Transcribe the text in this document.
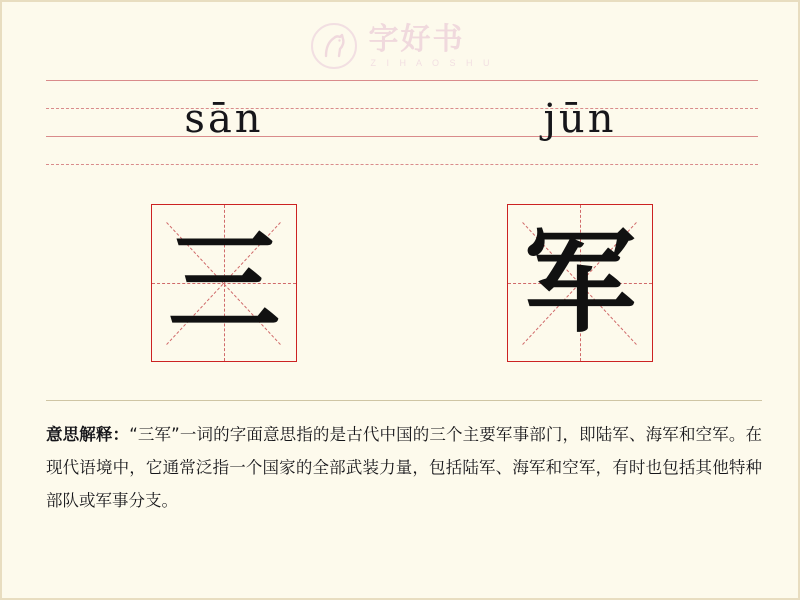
字好书
Z I H A O S H U
sān	jūn
三 军

意思解释：“三军”一词的字面意思指的是古代中国的三个主要军事部门，即陆军、海军和空军。在现代语境中，它通常泛指一个国家的全部武装力量，包括陆军、海军和空军，有时也包括其他特种部队或军事分支。
